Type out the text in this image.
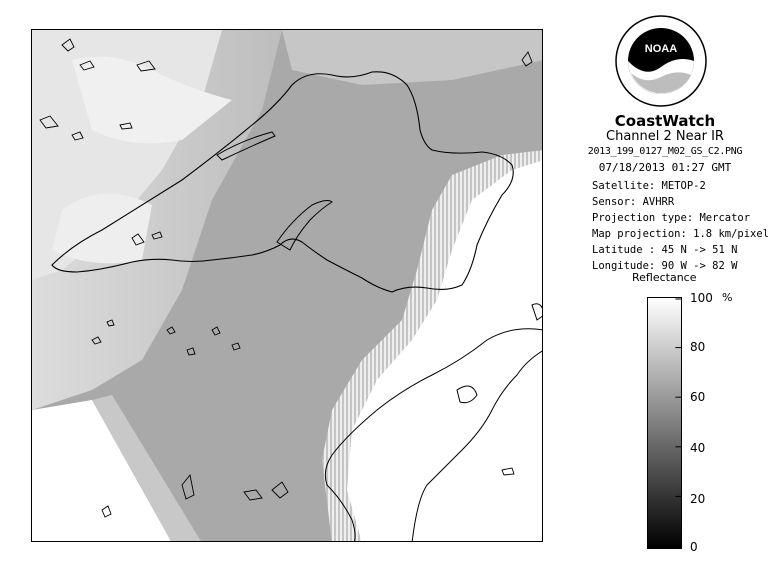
NOAA
CoastWatch
Channel 2 Near IR
2013_199_0127_M02_GS_C2.PNG
07/18/2013 01:27 GMT
Satellite: METOP-2
Sensor: AVHRR
Projection type: Mercator
Map projection: 1.8 km/pixel
Latitude : 45 N -> 51 N
Longitude: 90 W -> 82 W
Reflectance
%
100
80
60
40
20
0
